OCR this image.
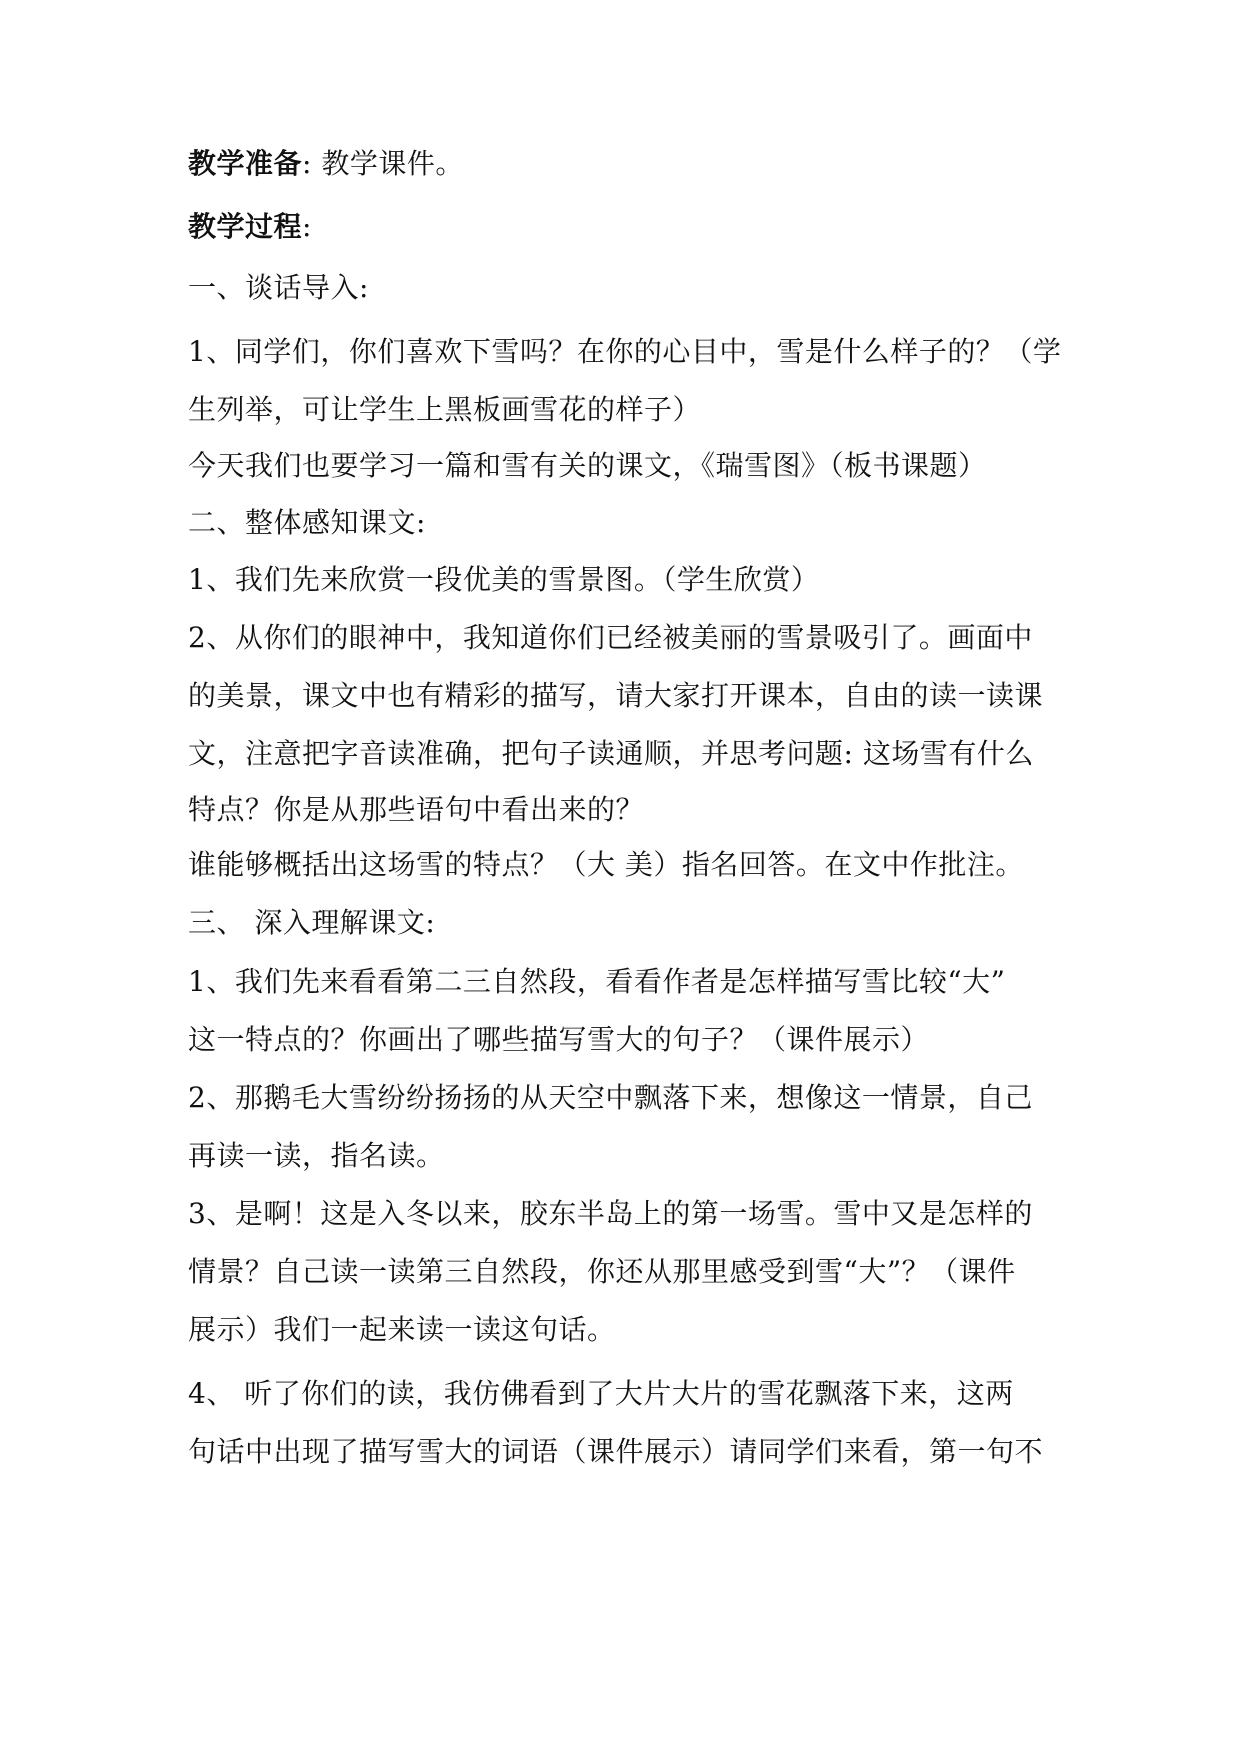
教学准备: 教学课件。
教学过程:
一、谈话导入:
1、同学们，你们喜欢下雪吗？在你的心目中，雪是什么样子的？（学
生列举，可让学生上黑板画雪花的样子）
今天我们也要学习一篇和雪有关的课文，《瑞雪图》（板书课题）
二、整体感知课文:
1、我们先来欣赏一段优美的雪景图。（学生欣赏）
2、从你们的眼神中，我知道你们已经被美丽的雪景吸引了。画面中
的美景，课文中也有精彩的描写，请大家打开课本，自由的读一读课
文，注意把字音读准确，把句子读通顺，并思考问题: 这场雪有什么
特点？你是从那些语句中看出来的？
谁能够概括出这场雪的特点？（大 美）指名回答。在文中作批注。
三、 深入理解课文:
1、我们先来看看第二三自然段，看看作者是怎样描写雪比较“大”
这一特点的？你画出了哪些描写雪大的句子？（课件展示）
2、那鹅毛大雪纷纷扬扬的从天空中飘落下来，想像这一情景，自己
再读一读，指名读。
3、是啊！这是入冬以来，胶东半岛上的第一场雪。雪中又是怎样的
情景？自己读一读第三自然段，你还从那里感受到雪“大”？（课件
展示）我们一起来读一读这句话。
4、 听了你们的读，我仿佛看到了大片大片的雪花飘落下来，这两
句话中出现了描写雪大的词语（课件展示）请同学们来看，第一句不
